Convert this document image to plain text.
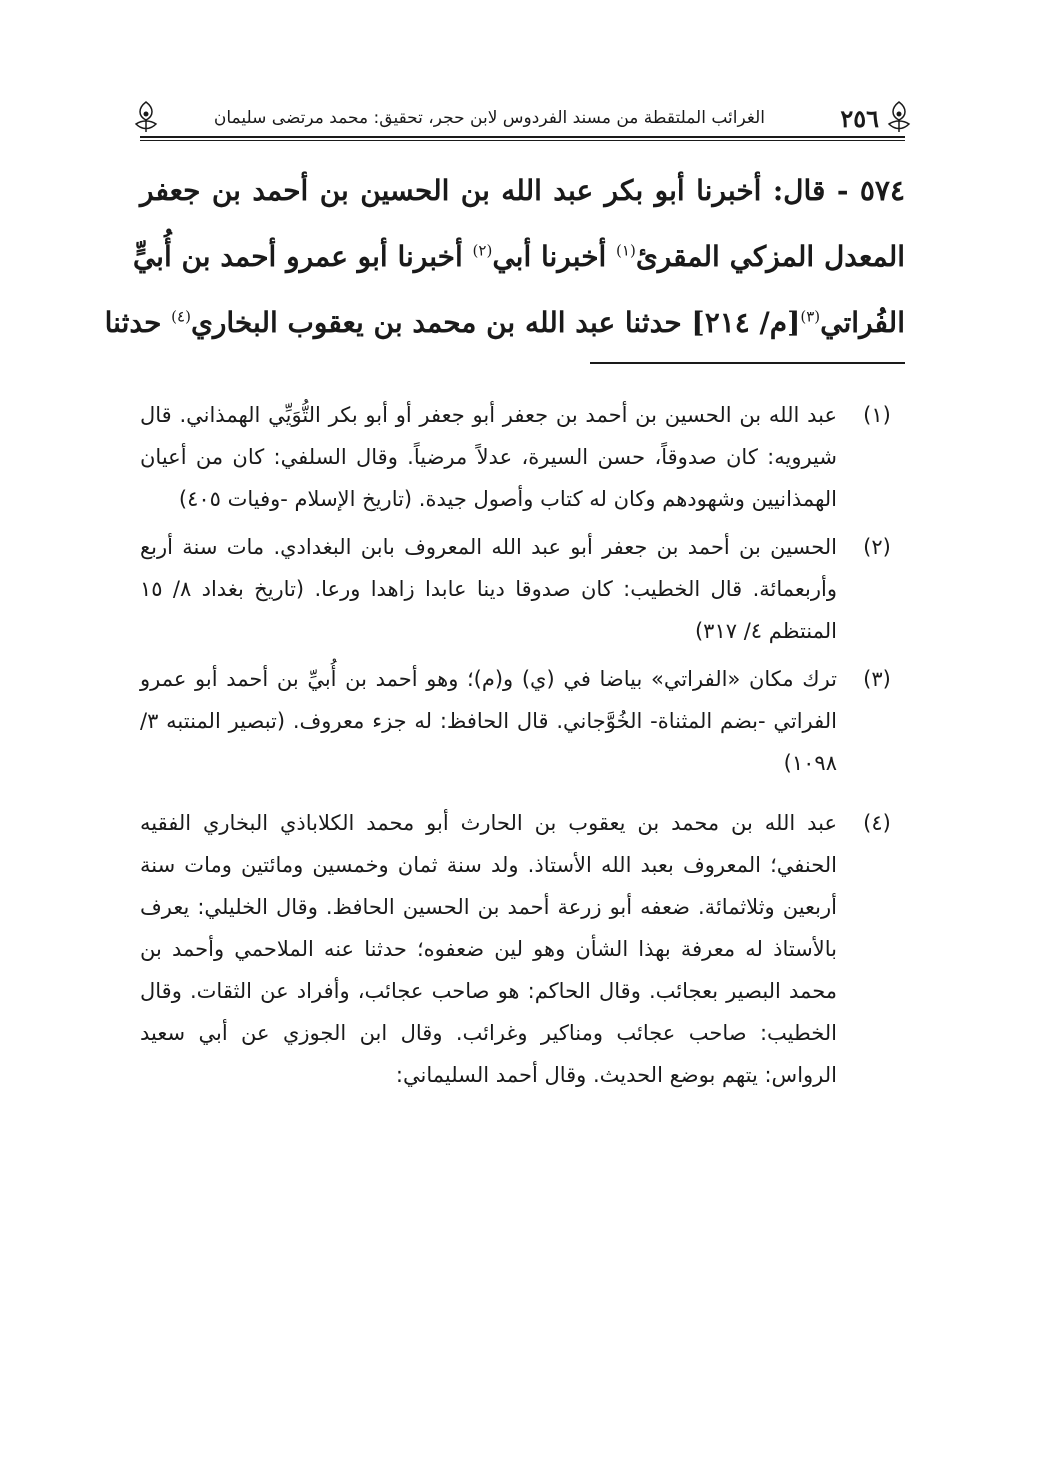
٢٥٦
الغرائب الملتقطة من مسند الفردوس لابن حجر، تحقيق: محمد مرتضى سليمان
٥٧٤ - قال: أخبرنا أبو بكر عبد الله بن الحسين بن أحمد بن جعفر
المعدل المزكي المقرئ$^{(١)}$ أخبرنا أبي$^{(٢)}$ أخبرنا أبو عمرو أحمد بن أُبيٍّ
الفُراتي$^{(٣)}$[م/ ٢١٤] حدثنا عبد الله بن محمد بن يعقوب البخاري$^{(٤)}$ حدثنا
(١)
عبد الله بن الحسين بن أحمد بن جعفر أبو جعفر أو أبو بكر التُّوَيِّي الهمذاني. قال شيرويه: كان صدوقاً، حسن السيرة، عدلاً مرضياً. وقال السلفي: كان من أعيان الهمذانيين وشهودهم وكان له كتاب وأصول جيدة. (تاريخ الإسلام -وفيات ٤٠٥)
(٢)
الحسين بن أحمد بن جعفر أبو عبد الله المعروف بابن البغدادي. مات سنة أربع وأربعمائة. قال الخطيب: كان صدوقا دينا عابدا زاهدا ورعا. (تاريخ بغداد ٨/ ١٥ المنتظم ٤/ ٣١٧)
(٣)
ترك مكان «الفراتي» بياضا في (ي) و(م)؛ وهو أحمد بن أُبيِّ بن أحمد أبو عمرو الفراتي -بضم المثناة- الخُوَّجاني. قال الحافظ: له جزء معروف. (تبصير المنتبه ٣/ ١٠٩٨)
(٤)
عبد الله بن محمد بن يعقوب بن الحارث أبو محمد الكلاباذي البخاري الفقيه الحنفي؛ المعروف بعبد الله الأستاذ. ولد سنة ثمان وخمسين ومائتين ومات سنة أربعين وثلاثمائة. ضعفه أبو زرعة أحمد بن الحسين الحافظ. وقال الخليلي: يعرف بالأستاذ له معرفة بهذا الشأن وهو لين ضعفوه؛ حدثنا عنه الملاحمي وأحمد بن محمد البصير بعجائب. وقال الحاكم: هو صاحب عجائب، وأفراد عن الثقات. وقال الخطيب: صاحب عجائب ومناكير وغرائب. وقال ابن الجوزي عن أبي سعيد الرواس: يتهم بوضع الحديث. وقال أحمد السليماني:
